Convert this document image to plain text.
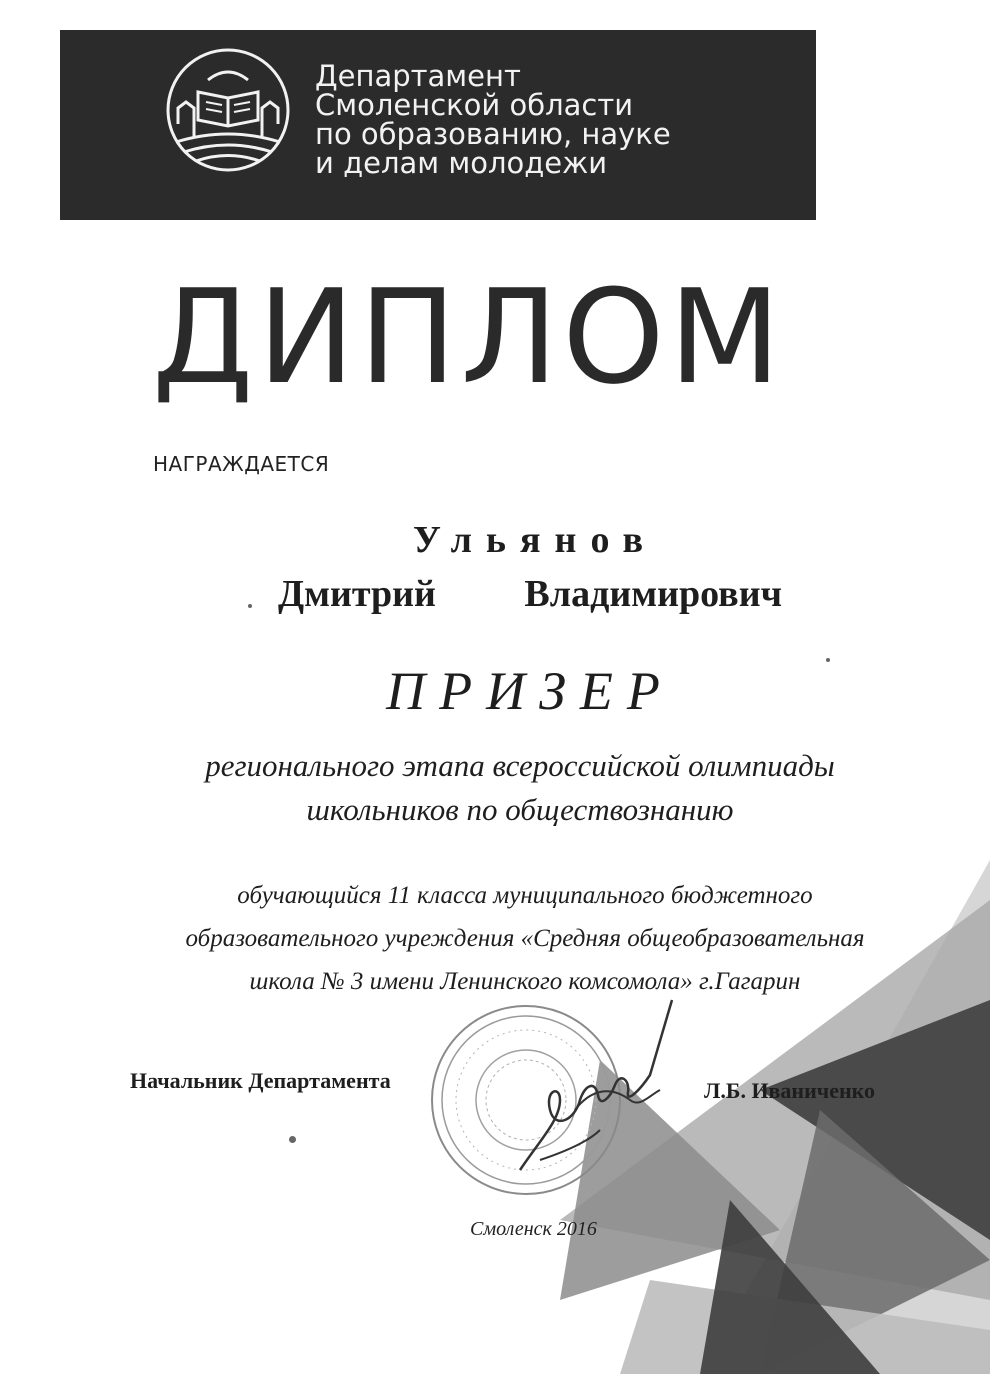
Департамент
Смоленской области
по образованию, науке
и делам молодежи
ДИПЛОМ
НАГРАЖДАЕТСЯ
Ульянов
Дмитрий   Владимирович
ПРИЗЕР
регионального этапа всероссийской олимпиады
школьников по обществознанию
обучающийся 11 класса муниципального бюджетного
образовательного учреждения «Средняя общеобразовательная
школа № 3 имени Ленинского комсомола» г.Гагарин
Начальник Департамента	Л.Б. Иваниченко
Смоленск 2016
